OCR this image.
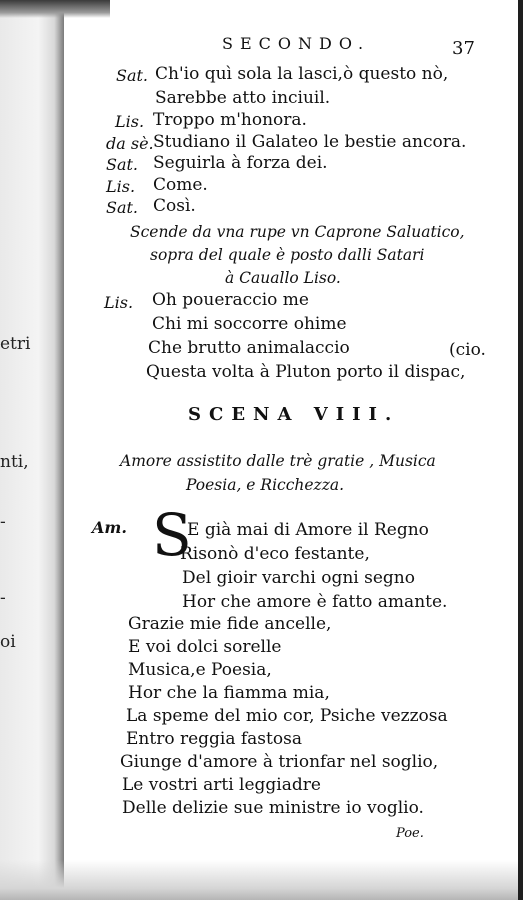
etri
nti,
-
-
oi
SECONDO.	37
Sat. Ch'io quì sola la lasci,ò questo nò,
Sarebbe atto inciuil.
Lis. Troppo m'honora.
da sè. Studiano il Galateo le bestie ancora.
Sat. Seguirla à forza dei.
Lis. Come.
Sat. Così.
Scende da vna rupe vn Caprone Saluatico,
sopra del quale è posto dalli Satari
à Cauallo Liso.
Lis. Oh poueraccio me
Chi mi soccorre ohime
Che brutto animalaccio	(cio.
Questa volta à Pluton porto il dispac,
SCENA VIII.
Amore assistito dalle trè gratie , Musica
Poesia, e Ricchezza.
Am. S
E già mai di Amore il Regno
Risonò d'eco festante,
Del gioir varchi ogni segno
Hor che amore è fatto amante.
Grazie mie fide ancelle,
E voi dolci sorelle
Musica,e Poesia,
Hor che la fiamma mia,
La speme del mio cor, Psiche vezzosa
Entro reggia fastosa
Giunge d'amore à trionfar nel soglio,
Le vostri arti leggiadre
Delle delizie sue ministre io voglio.
Poe.
